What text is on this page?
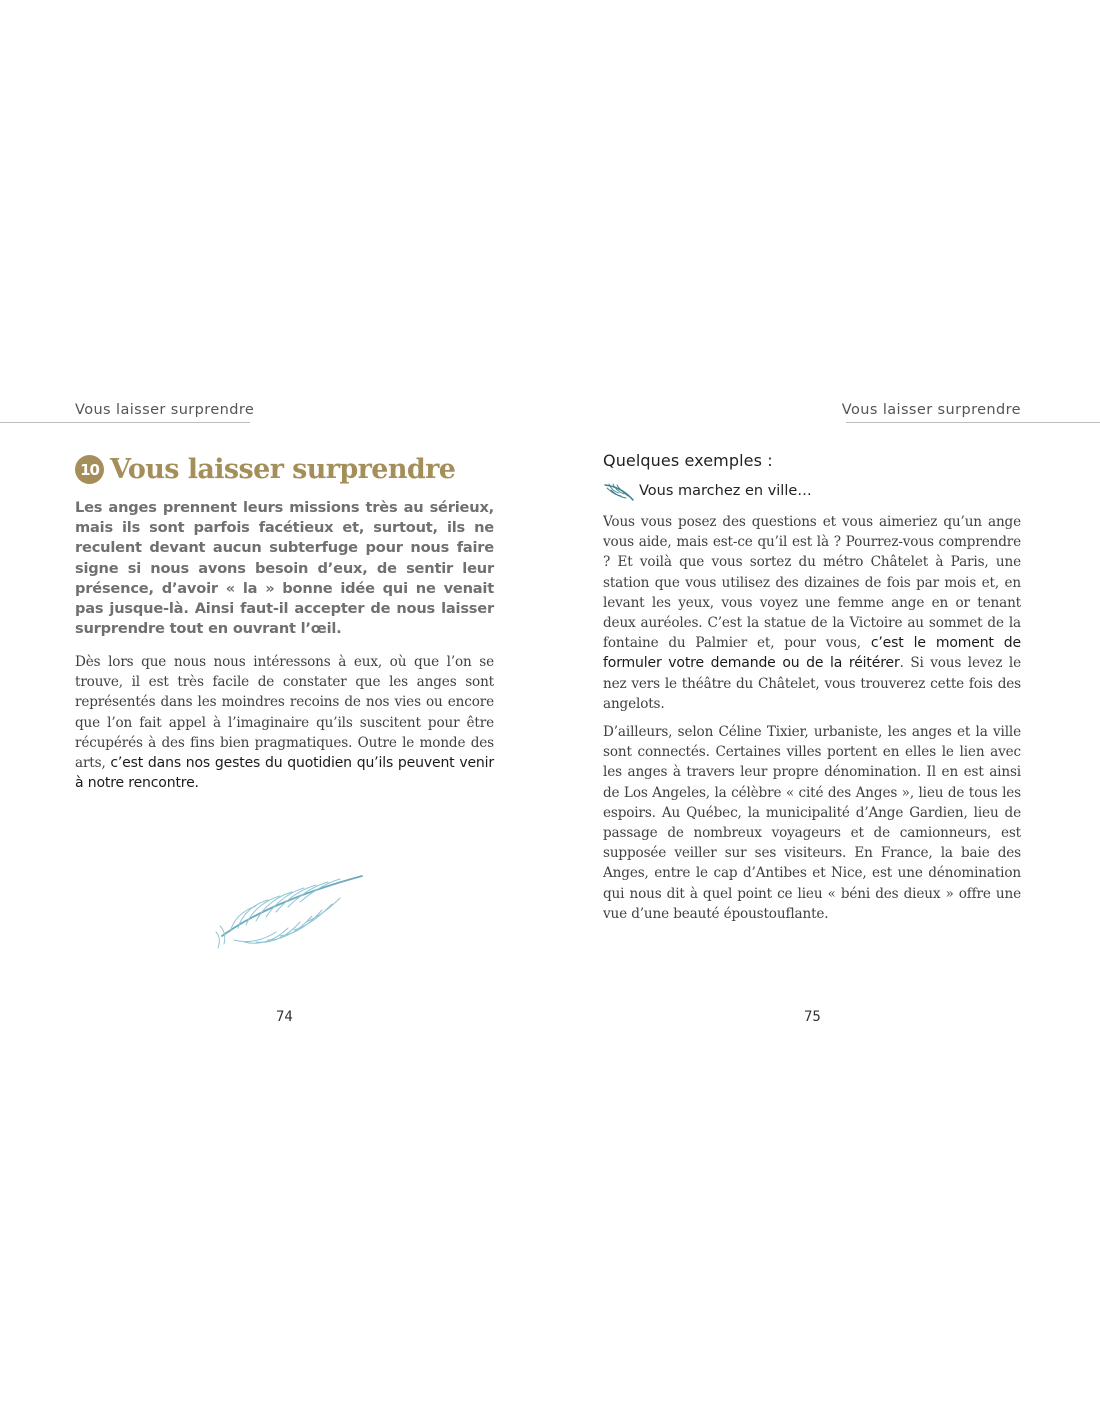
Vous laisser surprendre
10 Vous laisser surprendre

Les anges prennent leurs missions très au sérieux, mais ils sont parfois facétieux et, surtout, ils ne reculent devant aucun subterfuge pour nous faire signe si nous avons besoin d’eux, de sentir leur présence, d’avoir « la » bonne idée qui ne venait pas jusque-là. Ainsi faut-il accepter de nous laisser surprendre tout en ouvrant l’œil.

Dès lors que nous nous intéressons à eux, où que l’on se trouve, il est très facile de constater que les anges sont représentés dans les moindres recoins de nos vies ou encore que l’on fait appel à l’imaginaire qu’ils suscitent pour être récupérés à des fins bien pragmatiques. Outre le monde des arts, c’est dans nos gestes du quotidien qu’ils peuvent venir à notre rencontre.

74
Vous laisser surprendre
Quelques exemples :
Vous marchez en ville…

Vous vous posez des questions et vous aimeriez qu’un ange vous aide, mais est-ce qu’il est là ? Pourrez-vous comprendre ? Et voilà que vous sortez du métro Châtelet à Paris, une station que vous utilisez des dizaines de fois par mois et, en levant les yeux, vous voyez une femme ange en or tenant deux auréoles. C’est la statue de la Victoire au sommet de la fontaine du Palmier et, pour vous, c’est le moment de formuler votre demande ou de la réitérer. Si vous levez le nez vers le théâtre du Châtelet, vous trouverez cette fois des angelots.

D’ailleurs, selon Céline Tixier, urbaniste, les anges et la ville sont connectés. Certaines villes portent en elles le lien avec les anges à travers leur propre dénomination. Il en est ainsi de Los Angeles, la célèbre « cité des Anges », lieu de tous les espoirs. Au Québec, la municipalité d’Ange Gardien, lieu de passage de nombreux voyageurs et de camionneurs, est supposée veiller sur ses visiteurs. En France, la baie des Anges, entre le cap d’Antibes et Nice, est une dénomination qui nous dit à quel point ce lieu « béni des dieux » offre une vue d’une beauté époustouflante.

75
